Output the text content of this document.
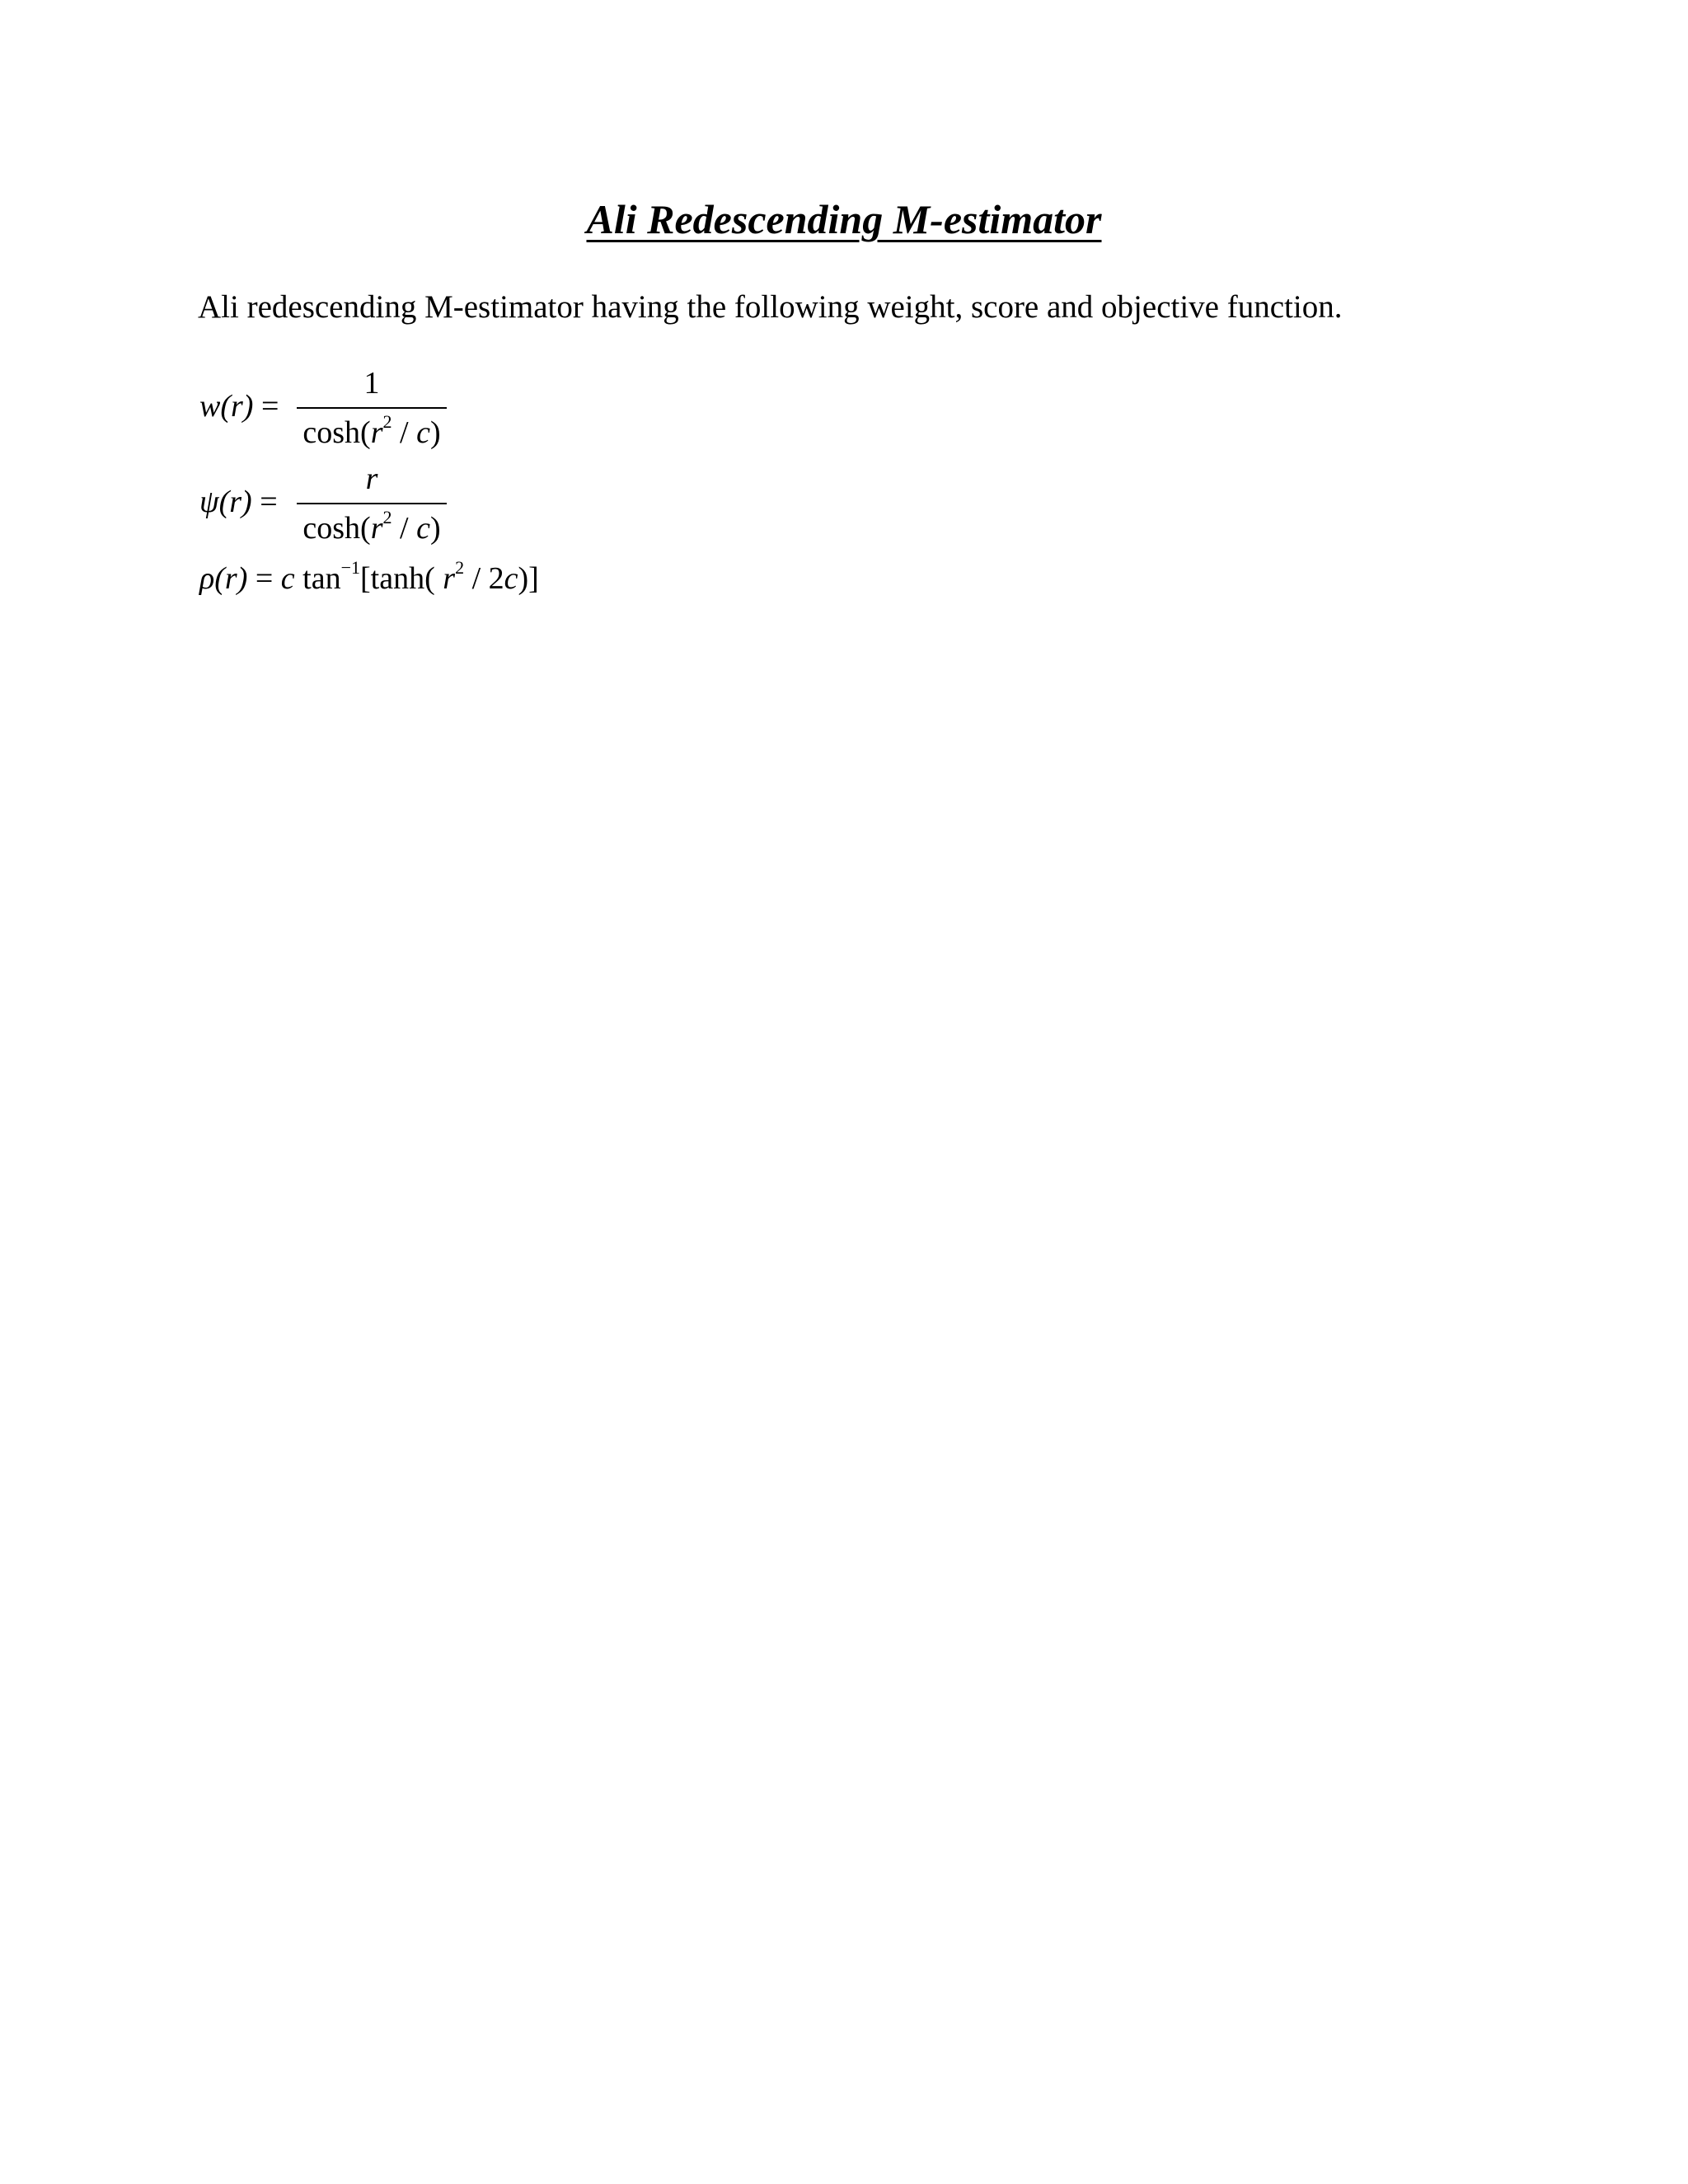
Ali Redescending M-estimator
Ali redescending M-estimator having the following weight, score and objective function.
w(r) =
1
$\cosh(r^2 / c)$
ψ(r) =
r
$\cosh(r^2 / c)$
ρ(r) = c $\tan^{-1}[\tanh$( $r^2 / 2c$)]
